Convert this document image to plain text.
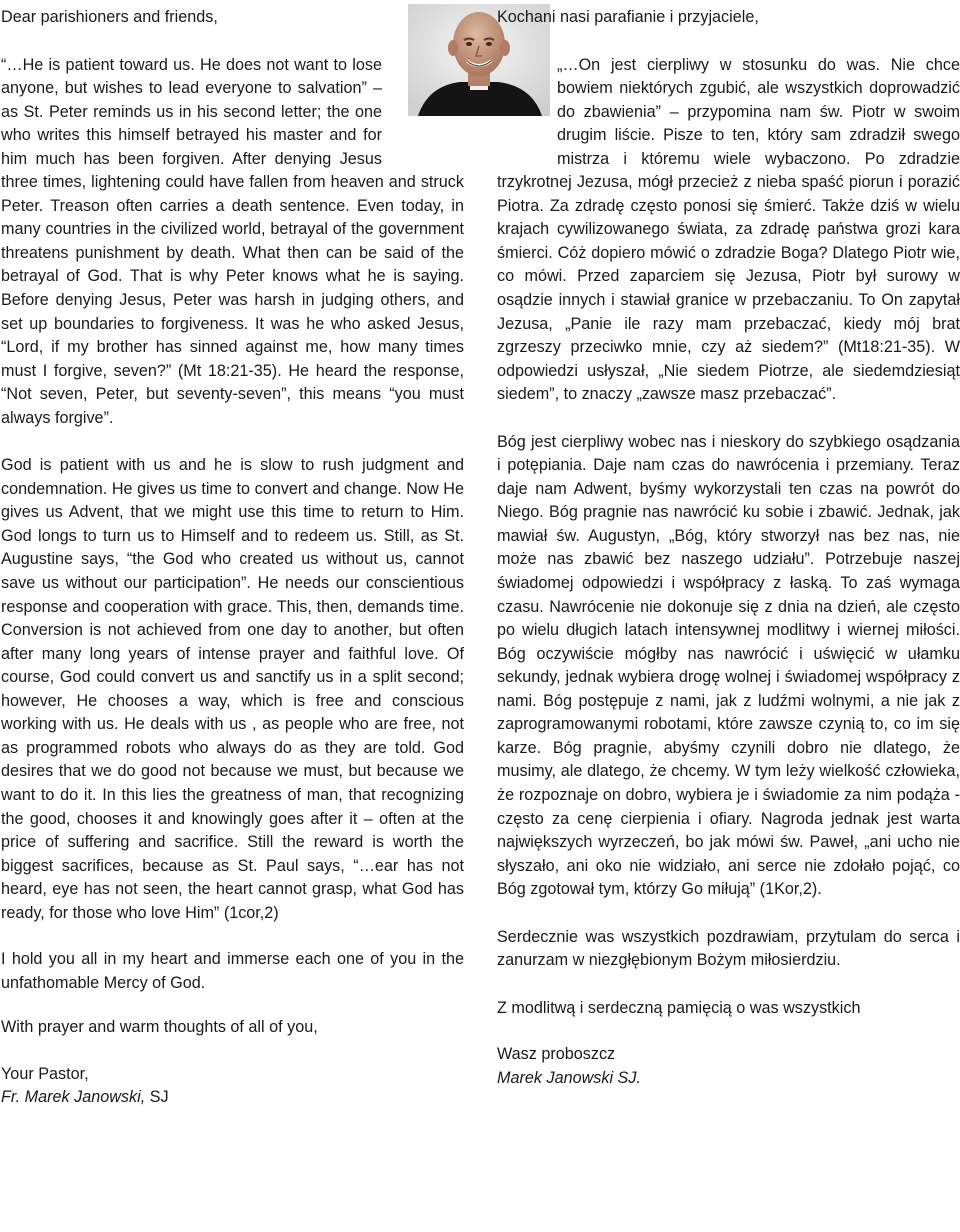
Dear parishioners and friends,

“…He is patient toward us. He does not want to lose anyone, but wishes to lead everyone to salvation” – as St. Peter reminds us in his second letter; the one who writes this himself betrayed his master and for him much has been forgiven. After denying Jesus three times, lightening could have fallen from heaven and struck Peter. Treason often carries a death sentence. Even today, in many countries in the civilized world, betrayal of the government threatens punishment by death. What then can be said of the betrayal of God. That is why Peter knows what he is saying. Before denying Jesus, Peter was harsh in judging others, and set up boundaries to forgiveness. It was he who asked Jesus, “Lord, if my brother has sinned against me, how many times must I forgive, seven?” (Mt 18:21-35). He heard the response, “Not seven, Peter, but seventy-seven”, this means “you must always forgive”.

God is patient with us and he is slow to rush judgment and condemnation. He gives us time to convert and change. Now He gives us Advent, that we might use this time to return to Him. God longs to turn us to Himself and to redeem us. Still, as St. Augustine says, “the God who created us without us, cannot save us without our participation”. He needs our conscientious response and cooperation with grace. This, then, demands time. Conversion is not achieved from one day to another, but often after many long years of intense prayer and faithful love. Of course, God could convert us and sanctify us in a split second; however, He chooses a way, which is free and conscious working with us. He deals with us , as people who are free, not as programmed robots who always do as they are told. God desires that we do good not because we must, but because we want to do it. In this lies the greatness of man, that recognizing the good, chooses it and knowingly goes after it – often at the price of suffering and sacrifice. Still the reward is worth the biggest sacrifices, because as St. Paul says, “…ear has not heard, eye has not seen, the heart cannot grasp, what God has ready, for those who love Him” (1cor,2)

I hold you all in my heart and immerse each one of you in the unfathomable Mercy of God.

With prayer and warm thoughts of all of you,

Your Pastor,
Fr. Marek Janowski, SJ

Kochani nasi parafianie i przyjaciele,

„…On jest cierpliwy w stosunku do was. Nie chce bowiem niektórych zgubić, ale wszystkich doprowadzić do zbawienia” – przypomina nam św. Piotr w swoim drugim liście. Pisze to ten, który sam zdradził swego mistrza i któremu wiele wybaczono. Po zdradzie trzykrotnej Jezusa, mógł przecież z nieba spaść piorun i porazić Piotra. Za zdradę często ponosi się śmierć. Także dziś w wielu krajach cywilizowanego świata, za zdradę państwa grozi kara śmierci. Cóż dopiero mówić o zdradzie Boga? Dlatego Piotr wie, co mówi. Przed zaparciem się Jezusa, Piotr był surowy w osądzie innych i stawiał granice w przebaczaniu. To On zapytał Jezusa, „Panie ile razy mam przebaczać, kiedy mój brat zgrzeszy przeciwko mnie, czy aż siedem?” (Mt18:21-35). W odpowiedzi usłyszał, „Nie siedem Piotrze, ale siedemdziesiąt siedem”, to znaczy „zawsze masz przebaczać”.

Bóg jest cierpliwy wobec nas i nieskory do szybkiego osądzania i potępiania. Daje nam czas do nawrócenia i przemiany. Teraz daje nam Adwent, byśmy wykorzystali ten czas na powrót do Niego. Bóg pragnie nas nawrócić ku sobie i zbawić. Jednak, jak mawiał św. Augustyn, „Bóg, który stworzył nas bez nas, nie może nas zbawić bez naszego udziału”. Potrzebuje naszej świadomej odpowiedzi i współpracy z łaską. To zaś wymaga czasu. Nawrócenie nie dokonuje się z dnia na dzień, ale często po wielu długich latach intensywnej modlitwy i wiernej miłości. Bóg oczywiście mógłby nas nawrócić i uświęcić w ułamku sekundy, jednak wybiera drogę wolnej i świadomej współpracy z nami. Bóg postępuje z nami, jak z ludźmi wolnymi, a nie jak z zaprogramowanymi robotami, które zawsze czynią to, co im się karze. Bóg pragnie, abyśmy czynili dobro nie dlatego, że musimy, ale dlatego, że chcemy. W tym leży wielkość człowieka, że rozpoznaje on dobro, wybiera je i świadomie za nim podąża - często za cenę cierpienia i ofiary. Nagroda jednak jest warta największych wyrzeczeń, bo jak mówi św. Paweł, „ani ucho nie słyszało, ani oko nie widziało, ani serce nie zdołało pojąć, co Bóg zgotował tym, którzy Go miłują” (1Kor,2).

Serdecznie was wszystkich pozdrawiam, przytulam do serca i zanurzam w niezgłębionym Bożym miłosierdziu.

Z modlitwą i serdeczną pamięcią o was wszystkich

Wasz proboszcz
Marek Janowski SJ.
